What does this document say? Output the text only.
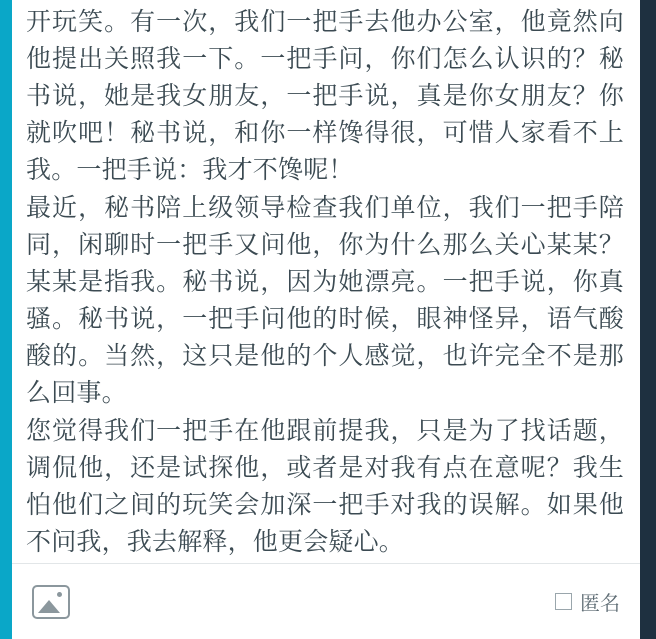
开玩笑。有一次，我们一把手去他办公室，他竟然向他提出关照我一下。一把手问，你们怎么认识的？秘书说，她是我女朋友，一把手说，真是你女朋友？你就吹吧！秘书说，和你一样馋得很，可惜人家看不上我。一把手说：我才不馋呢！

最近，秘书陪上级领导检查我们单位，我们一把手陪同，闲聊时一把手又问他，你为什么那么关心某某？某某是指我。秘书说，因为她漂亮。一把手说，你真骚。秘书说，一把手问他的时候，眼神怪异，语气酸酸的。当然，这只是他的个人感觉，也许完全不是那么回事。

您觉得我们一把手在他跟前提我，只是为了找话题，调侃他，还是试探他，或者是对我有点在意呢？我生怕他们之间的玩笑会加深一把手对我的误解。如果他不问我，我去解释，他更会疑心。

匿名
